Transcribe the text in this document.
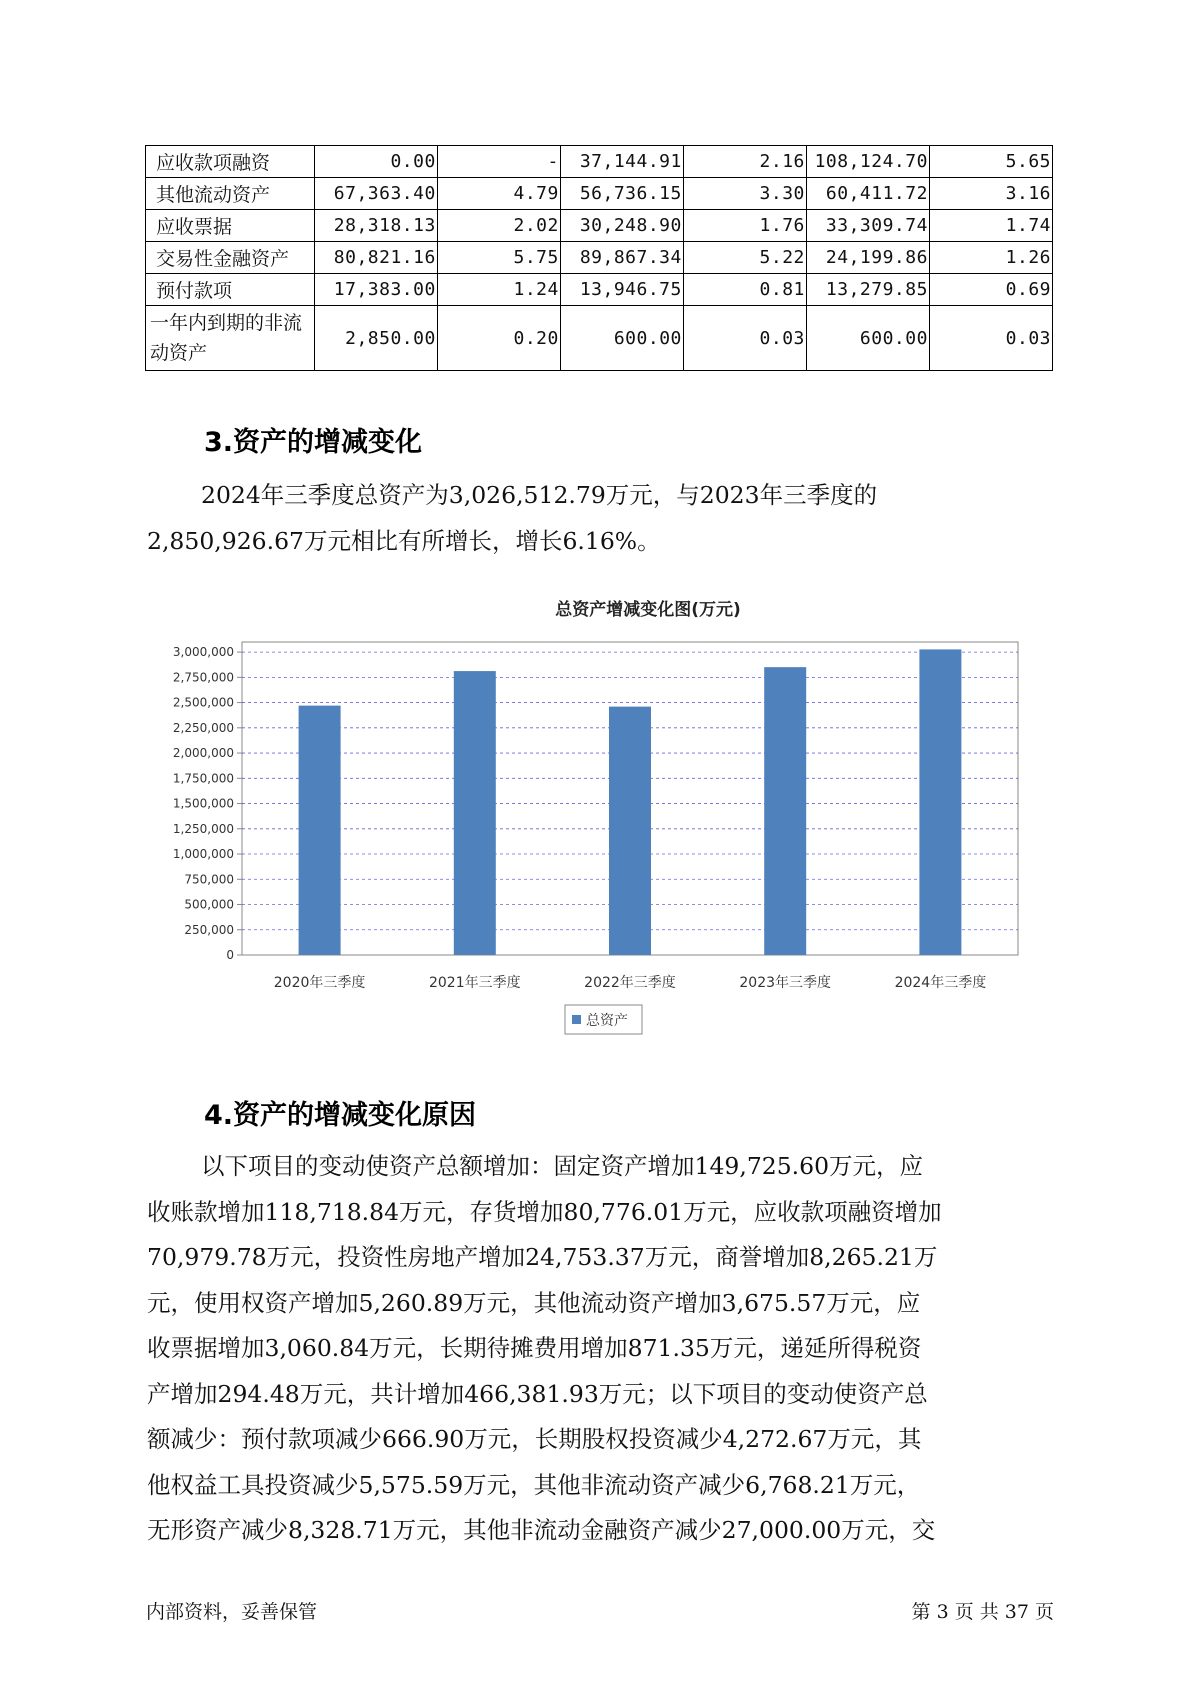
应收款项融资	0.00	-	37,144.91	2.16	108,124.70	5.65
其他流动资产	67,363.40	4.79	56,736.15	3.30	60,411.72	3.16
应收票据	28,318.13	2.02	30,248.90	1.76	33,309.74	1.74
交易性金融资产	80,821.16	5.75	89,867.34	5.22	24,199.86	1.26
预付款项	17,383.00	1.24	13,946.75	0.81	13,279.85	0.69
一年内到期的非流动资产	2,850.00	0.20	600.00	0.03	600.00	0.03
3.资产的增减变化
2024年三季度总资产为3,026,512.79万元，与2023年三季度的
2,850,926.67万元相比有所增长，增长6.16%。
总资产增减变化图(万元)
0
250,000
500,000
750,000
1,000,000
1,250,000
1,500,000
1,750,000
2,000,000
2,250,000
2,500,000
2,750,000
3,000,000
2020年三季度	2021年三季度	2022年三季度	2023年三季度	2024年三季度
总资产
4.资产的增减变化原因
以下项目的变动使资产总额增加：固定资产增加149,725.60万元，应
收账款增加118,718.84万元，存货增加80,776.01万元，应收款项融资增加
70,979.78万元，投资性房地产增加24,753.37万元，商誉增加8,265.21万
元，使用权资产增加5,260.89万元，其他流动资产增加3,675.57万元，应
收票据增加3,060.84万元，长期待摊费用增加871.35万元，递延所得税资
产增加294.48万元，共计增加466,381.93万元；以下项目的变动使资产总
额减少：预付款项减少666.90万元，长期股权投资减少4,272.67万元，其
他权益工具投资减少5,575.59万元，其他非流动资产减少6,768.21万元，
无形资产减少8,328.71万元，其他非流动金融资产减少27,000.00万元，交
内部资料，妥善保管	第 3 页 共 37 页
